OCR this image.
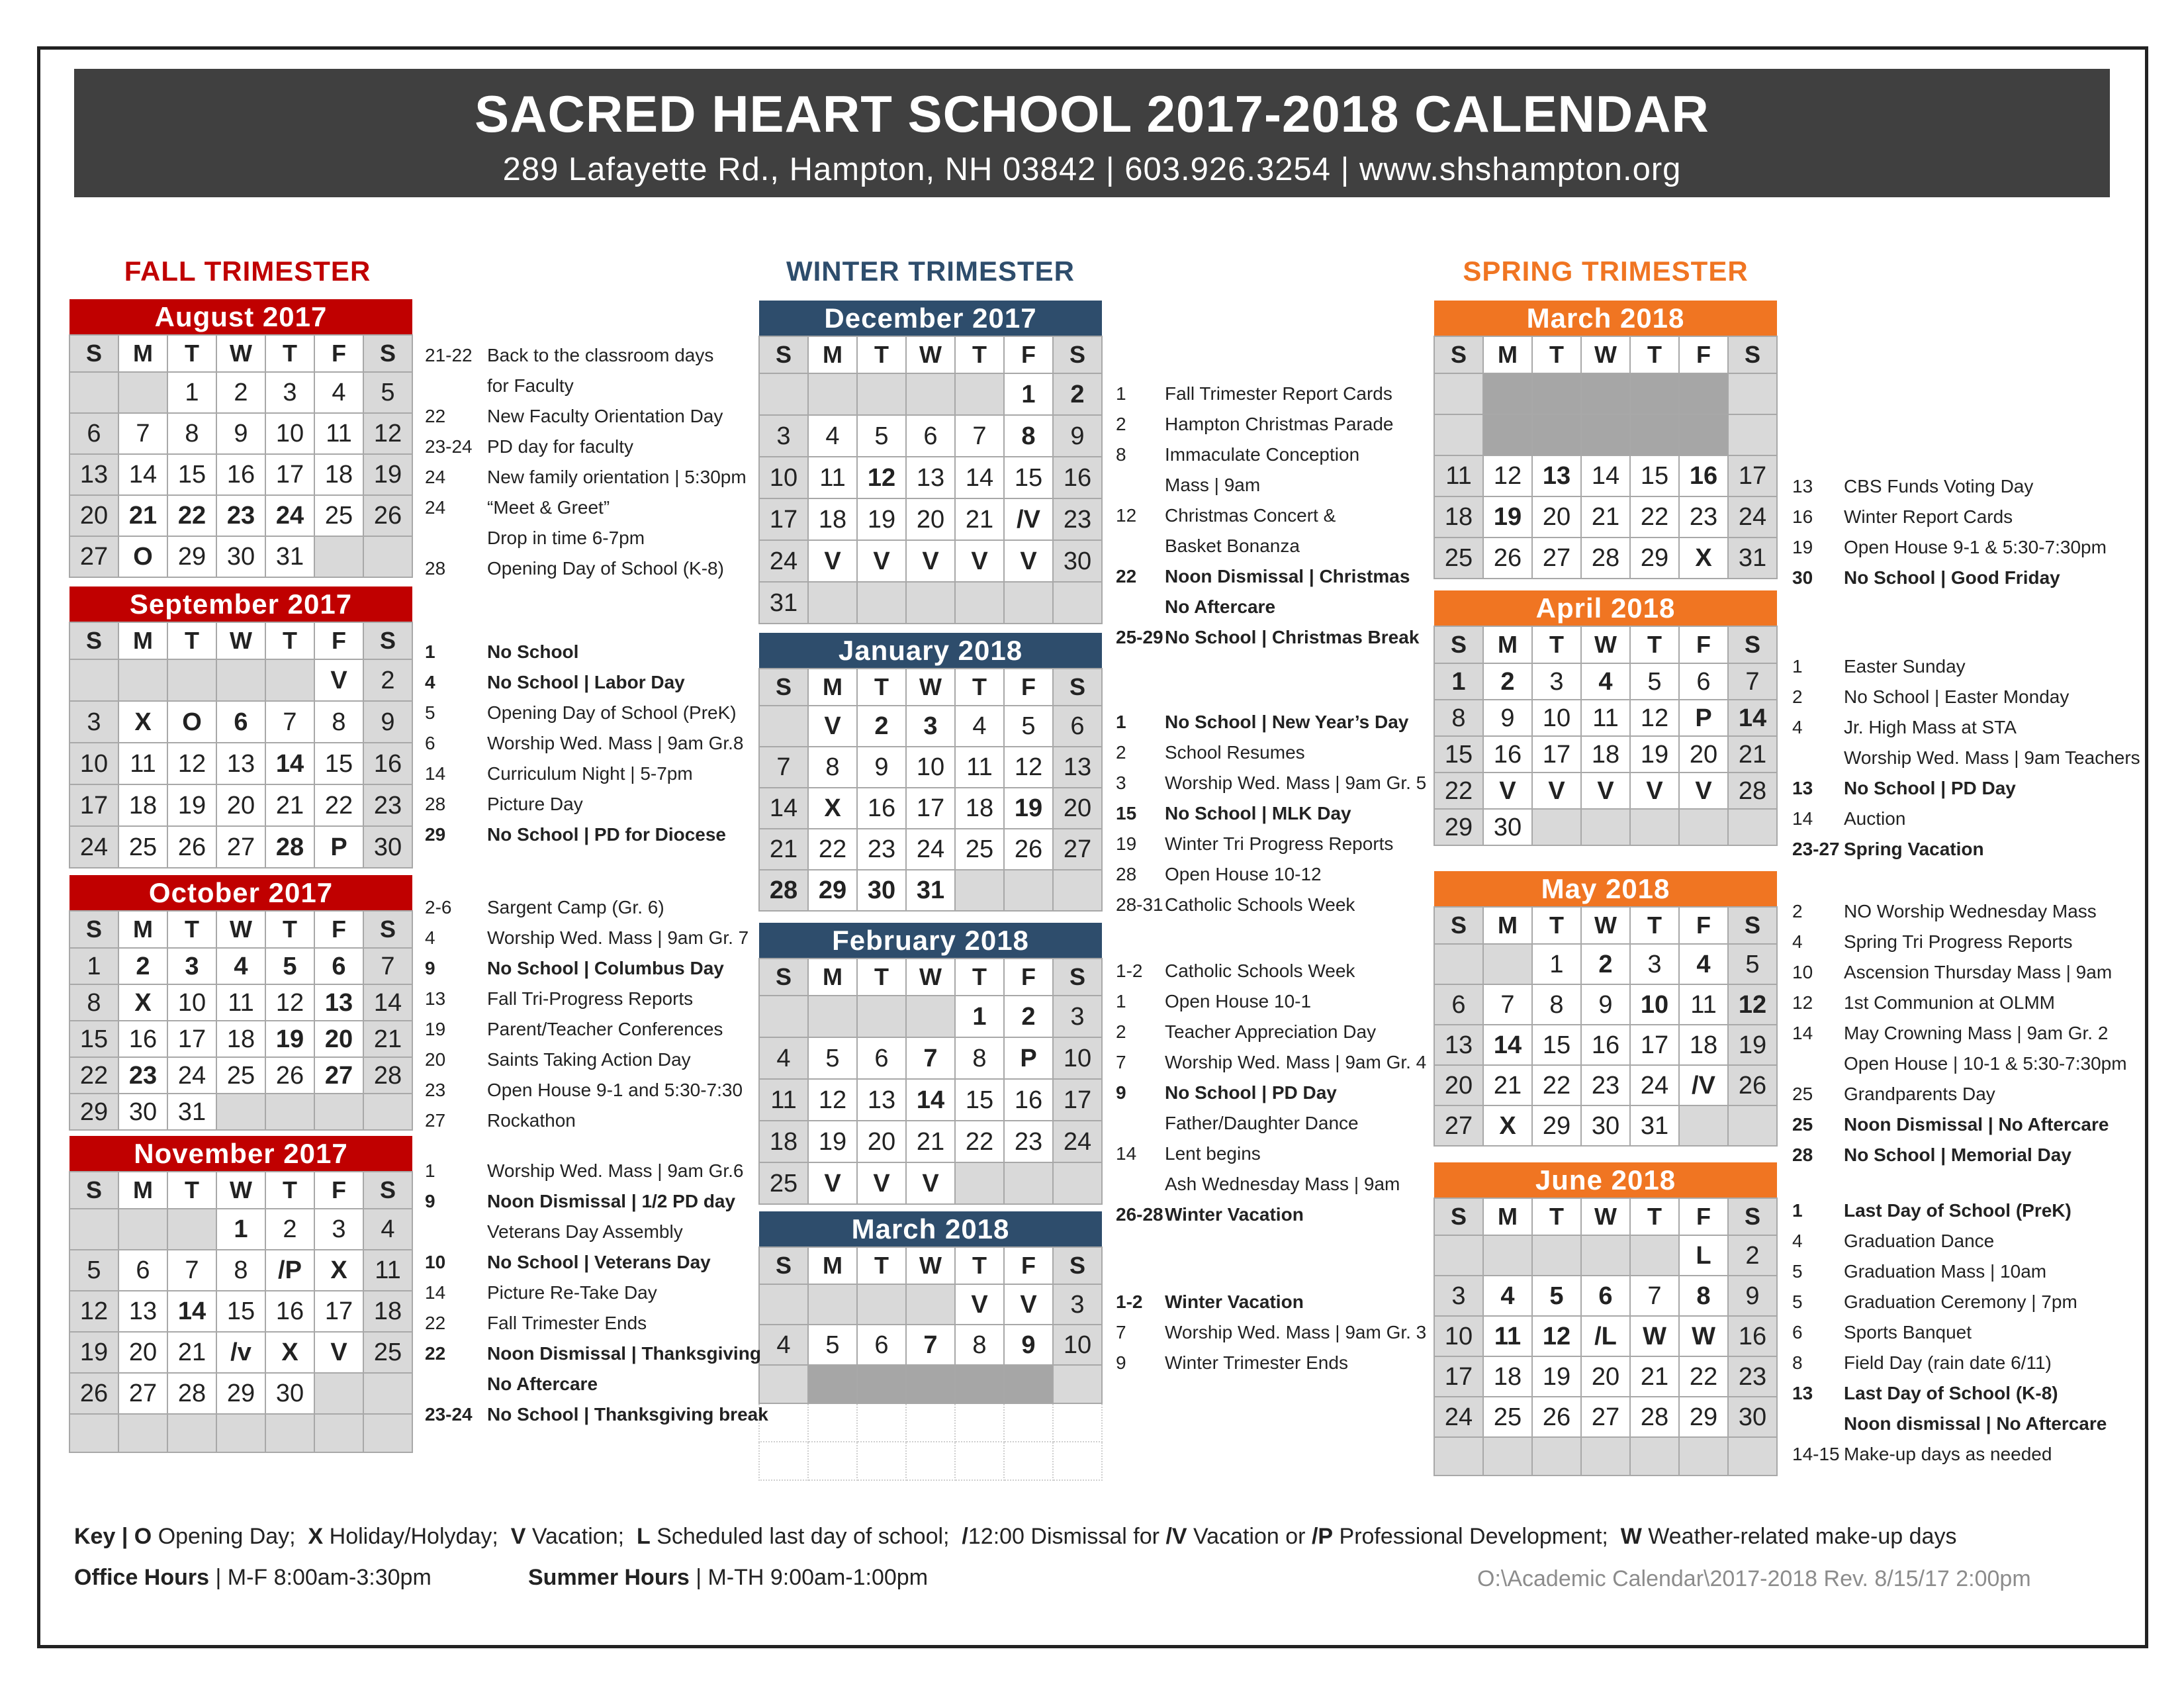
SACRED HEART SCHOOL 2017-2018 CALENDAR
289 Lafayette Rd., Hampton, NH 03842 | 603.926.3254 | www.shshampton.org
FALL TRIMESTER	WINTER TRIMESTER	SPRING TRIMESTER
August 2017						
S	M	T	W	T	F	S
		1	2	3	4	5
6	7	8	9	10	11	12
13	14	15	16	17	18	19
20	21	22	23	24	25	26
27	O	29	30	31		
September 2017						
S	M	T	W	T	F	S
					V	2
3	X	O	6	7	8	9
10	11	12	13	14	15	16
17	18	19	20	21	22	23
24	25	26	27	28	P	30
October 2017						
S	M	T	W	T	F	S
1	2	3	4	5	6	7
8	X	10	11	12	13	14
15	16	17	18	19	20	21
22	23	24	25	26	27	28
29	30	31				
November 2017						
S	M	T	W	T	F	S
			1	2	3	4
5	6	7	8	/P	X	11
12	13	14	15	16	17	18
19	20	21	/v	X	V	25
26	27	28	29	30		

December 2017						
S	M	T	W	T	F	S
					1	2
3	4	5	6	7	8	9
10	11	12	13	14	15	16
17	18	19	20	21	/V	23
24	V	V	V	V	V	30
31						
January 2018						
S	M	T	W	T	F	S
	V	2	3	4	5	6
7	8	9	10	11	12	13
14	X	16	17	18	19	20
21	22	23	24	25	26	27
28	29	30	31			
February 2018						
S	M	T	W	T	F	S
				1	2	3
4	5	6	7	8	P	10
11	12	13	14	15	16	17
18	19	20	21	22	23	24
25	V	V	V			
March 2018						
S	M	T	W	T	F	S
				V	V	3
4	5	6	7	8	9	10

March 2018						
S	M	T	W	T	F	S

11	12	13	14	15	16	17
18	19	20	21	22	23	24
25	26	27	28	29	X	31
April 2018						
S	M	T	W	T	F	S
1	2	3	4	5	6	7
8	9	10	11	12	P	14
15	16	17	18	19	20	21
22	V	V	V	V	V	28
29	30					
May 2018						
S	M	T	W	T	F	S
		1	2	3	4	5
6	7	8	9	10	11	12
13	14	15	16	17	18	19
20	21	22	23	24	/V	26
27	X	29	30	31		
June 2018						
S	M	T	W	T	F	S
					L	2
3	4	5	6	7	8	9
10	11	12	/L	W	W	16
17	18	19	20	21	22	23
24	25	26	27	28	29	30

21-22 Back to the classroom days
for Faculty
22	New Faculty Orientation Day
23-24 PD day for faculty
24	New family orientation | 5:30pm
24	“Meet & Greet”
Drop in time 6-7pm
28	Opening Day of School (K-8)
1	No School
4	No School | Labor Day
5	Opening Day of School (PreK)
6	Worship Wed. Mass | 9am Gr.8
14	Curriculum Night | 5-7pm
28	Picture Day
29	No School | PD for Diocese
2-6	Sargent Camp (Gr. 6)
4	Worship Wed. Mass | 9am Gr. 7
9	No School | Columbus Day
13	Fall Tri-Progress Reports
19	Parent/Teacher Conferences
20	Saints Taking Action Day
23	Open House 9-1 and 5:30-7:30
27	Rockathon
1	Worship Wed. Mass | 9am Gr.6
9	Noon Dismissal | 1/2 PD day
Veterans Day Assembly
10	No School | Veterans Day
14	Picture Re-Take Day
22	Fall Trimester Ends
22	Noon Dismissal | Thanksgiving
No Aftercare
23-24 No School | Thanksgiving break
1	Fall Trimester Report Cards
2	Hampton Christmas Parade
8	Immaculate Conception
Mass | 9am
12	Christmas Concert &
Basket Bonanza
22	Noon Dismissal | Christmas
No Aftercare
25-29 No School | Christmas Break
1	No School | New Year’s Day
2	School Resumes
3	Worship Wed. Mass | 9am Gr. 5
15	No School | MLK Day
19	Winter Tri Progress Reports
28	Open House 10-12
28-31 Catholic Schools Week
1-2	Catholic Schools Week
1	Open House 10-1
2	Teacher Appreciation Day
7	Worship Wed. Mass | 9am Gr. 4
9	No School | PD Day
Father/Daughter Dance
14	Lent begins
Ash Wednesday Mass | 9am
26-28 Winter Vacation
1-2	Winter Vacation
7	Worship Wed. Mass | 9am Gr. 3
9	Winter Trimester Ends
13	CBS Funds Voting Day
16	Winter Report Cards
19	Open House 9-1 & 5:30-7:30pm
30	No School | Good Friday
1	Easter Sunday
2	No School | Easter Monday
4	Jr. High Mass at STA
Worship Wed. Mass | 9am Teachers
13	No School | PD Day
14	Auction
23-27 Spring Vacation
2	NO Worship Wednesday Mass
4	Spring Tri Progress Reports
10	Ascension Thursday Mass | 9am
12	1st Communion at OLMM
14	May Crowning Mass | 9am Gr. 2
Open House | 10-1 & 5:30-7:30pm
25	Grandparents Day
25	Noon Dismissal | No Aftercare
28	No School | Memorial Day
1	Last Day of School (PreK)
4	Graduation Dance
5	Graduation Mass | 10am
5	Graduation Ceremony | 7pm
6	Sports Banquet
8	Field Day (rain date 6/11)
13	Last Day of School (K-8)
Noon dismissal | No Aftercare
14-15 Make-up days as needed
Key | O Opening Day; X Holiday/Holyday; V Vacation; L Scheduled last day of school; /12:00 Dismissal for /V Vacation or /P Professional Development; W Weather-related make-up days
Office Hours | M-F 8:00am-3:30pm	Summer Hours | M-TH 9:00am-1:00pm	O:\Academic Calendar\2017-2018 Rev. 8/15/17 2:00pm
